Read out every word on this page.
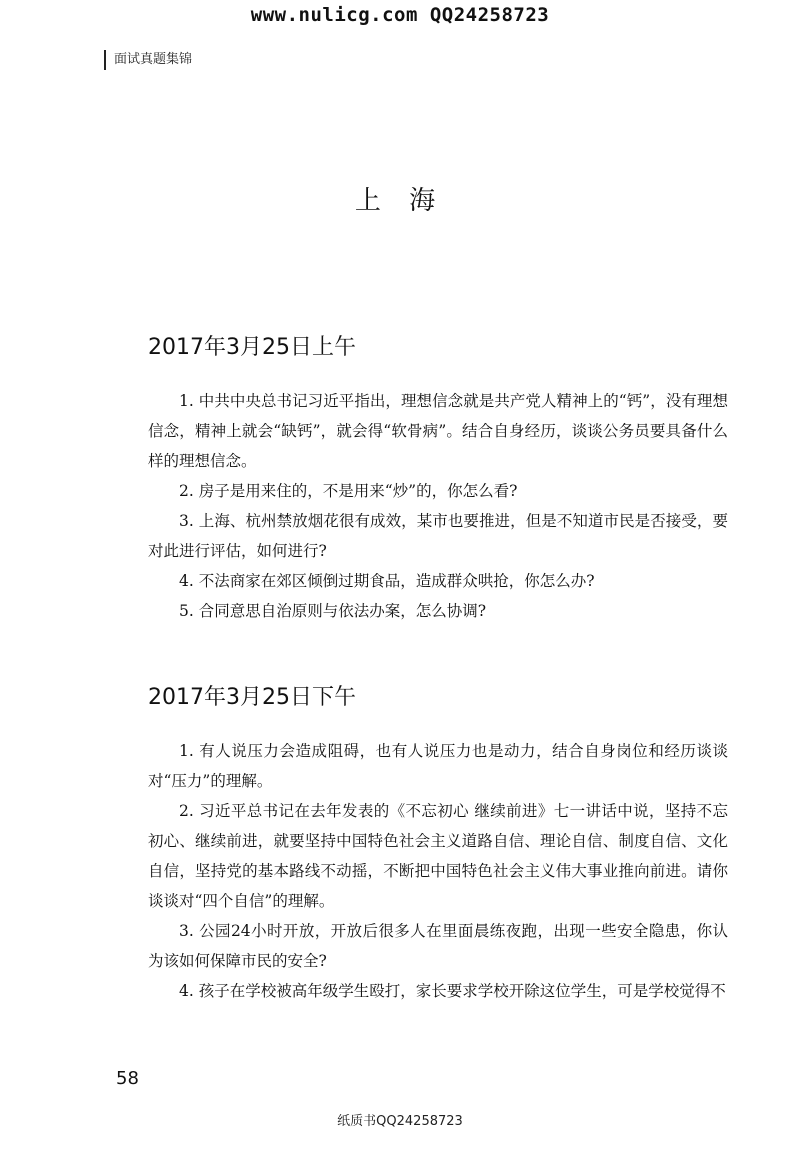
www.nulicg.com QQ24258723
面试真题集锦
上 海
2017年3月25日上午
1. 中共中央总书记习近平指出，理想信念就是共产党人精神上的“钙”，没有理想信念，精神上就会“缺钙”，就会得“软骨病”。结合自身经历，谈谈公务员要具备什么样的理想信念。
2. 房子是用来住的，不是用来“炒”的，你怎么看?
3. 上海、杭州禁放烟花很有成效，某市也要推进，但是不知道市民是否接受，要对此进行评估，如何进行?
4. 不法商家在郊区倾倒过期食品，造成群众哄抢，你怎么办?
5. 合同意思自治原则与依法办案，怎么协调?
2017年3月25日下午
1. 有人说压力会造成阻碍，也有人说压力也是动力，结合自身岗位和经历谈谈对“压力”的理解。
2. 习近平总书记在去年发表的《不忘初心 继续前进》七一讲话中说，坚持不忘初心、继续前进，就要坚持中国特色社会主义道路自信、理论自信、制度自信、文化自信，坚持党的基本路线不动摇，不断把中国特色社会主义伟大事业推向前进。请你谈谈对“四个自信”的理解。
3. 公园24小时开放，开放后很多人在里面晨练夜跑，出现一些安全隐患，你认为该如何保障市民的安全?
4. 孩子在学校被高年级学生殴打，家长要求学校开除这位学生，可是学校觉得不
58
纸质书QQ24258723
